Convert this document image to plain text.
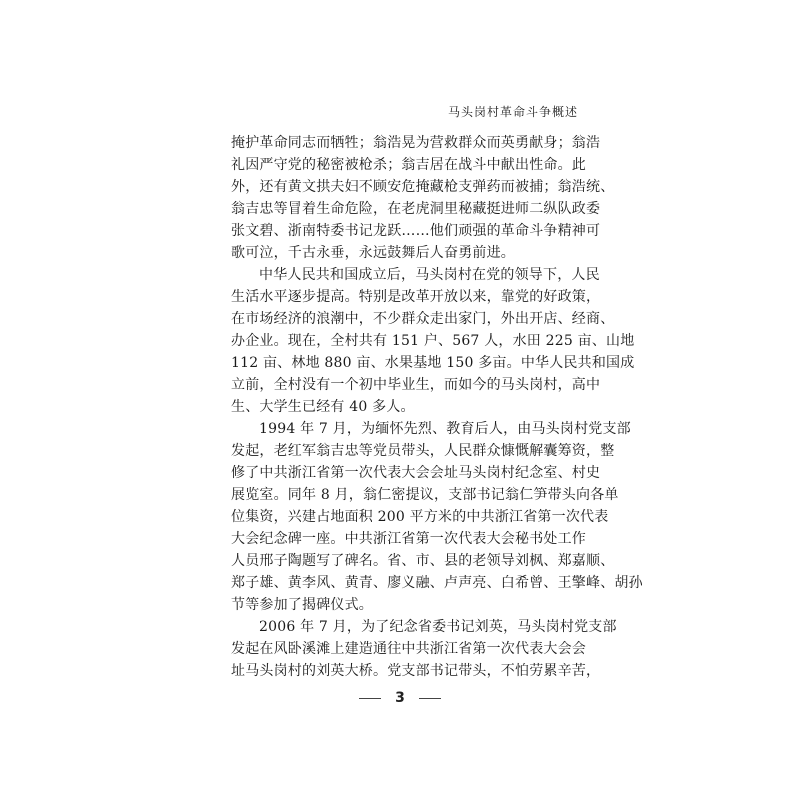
马头岗村革命斗争概述
掩护革命同志而牺牲；翁浩晃为营救群众而英勇献身；翁浩
礼因严守党的秘密被枪杀；翁吉居在战斗中献出性命。此
外，还有黄文拱夫妇不顾安危掩藏枪支弹药而被捕；翁浩统、
翁吉忠等冒着生命危险，在老虎洞里秘藏挺进师二纵队政委
张文碧、浙南特委书记龙跃……他们顽强的革命斗争精神可
歌可泣，千古永垂，永远鼓舞后人奋勇前进。
中华人民共和国成立后，马头岗村在党的领导下，人民
生活水平逐步提高。特别是改革开放以来，靠党的好政策，
在市场经济的浪潮中，不少群众走出家门，外出开店、经商、
办企业。现在，全村共有 151 户、567 人，水田 225 亩、山地
112 亩、林地 880 亩、水果基地 150 多亩。中华人民共和国成
立前，全村没有一个初中毕业生，而如今的马头岗村，高中
生、大学生已经有 40 多人。
1994 年 7 月，为缅怀先烈、教育后人，由马头岗村党支部
发起，老红军翁吉忠等党员带头，人民群众慷慨解囊筹资，整
修了中共浙江省第一次代表大会会址马头岗村纪念室、村史
展览室。同年 8 月，翁仁密提议，支部书记翁仁笋带头向各单
位集资，兴建占地面积 200 平方米的中共浙江省第一次代表
大会纪念碑一座。中共浙江省第一次代表大会秘书处工作
人员邢子陶题写了碑名。省、市、县的老领导刘枫、郑嘉顺、
郑子雄、黄李风、黄青、廖义融、卢声亮、白希曾、王擎峰、胡孙
节等参加了揭碑仪式。
2006 年 7 月，为了纪念省委书记刘英，马头岗村党支部
发起在风卧溪滩上建造通往中共浙江省第一次代表大会会
址马头岗村的刘英大桥。党支部书记带头，不怕劳累辛苦，
3
